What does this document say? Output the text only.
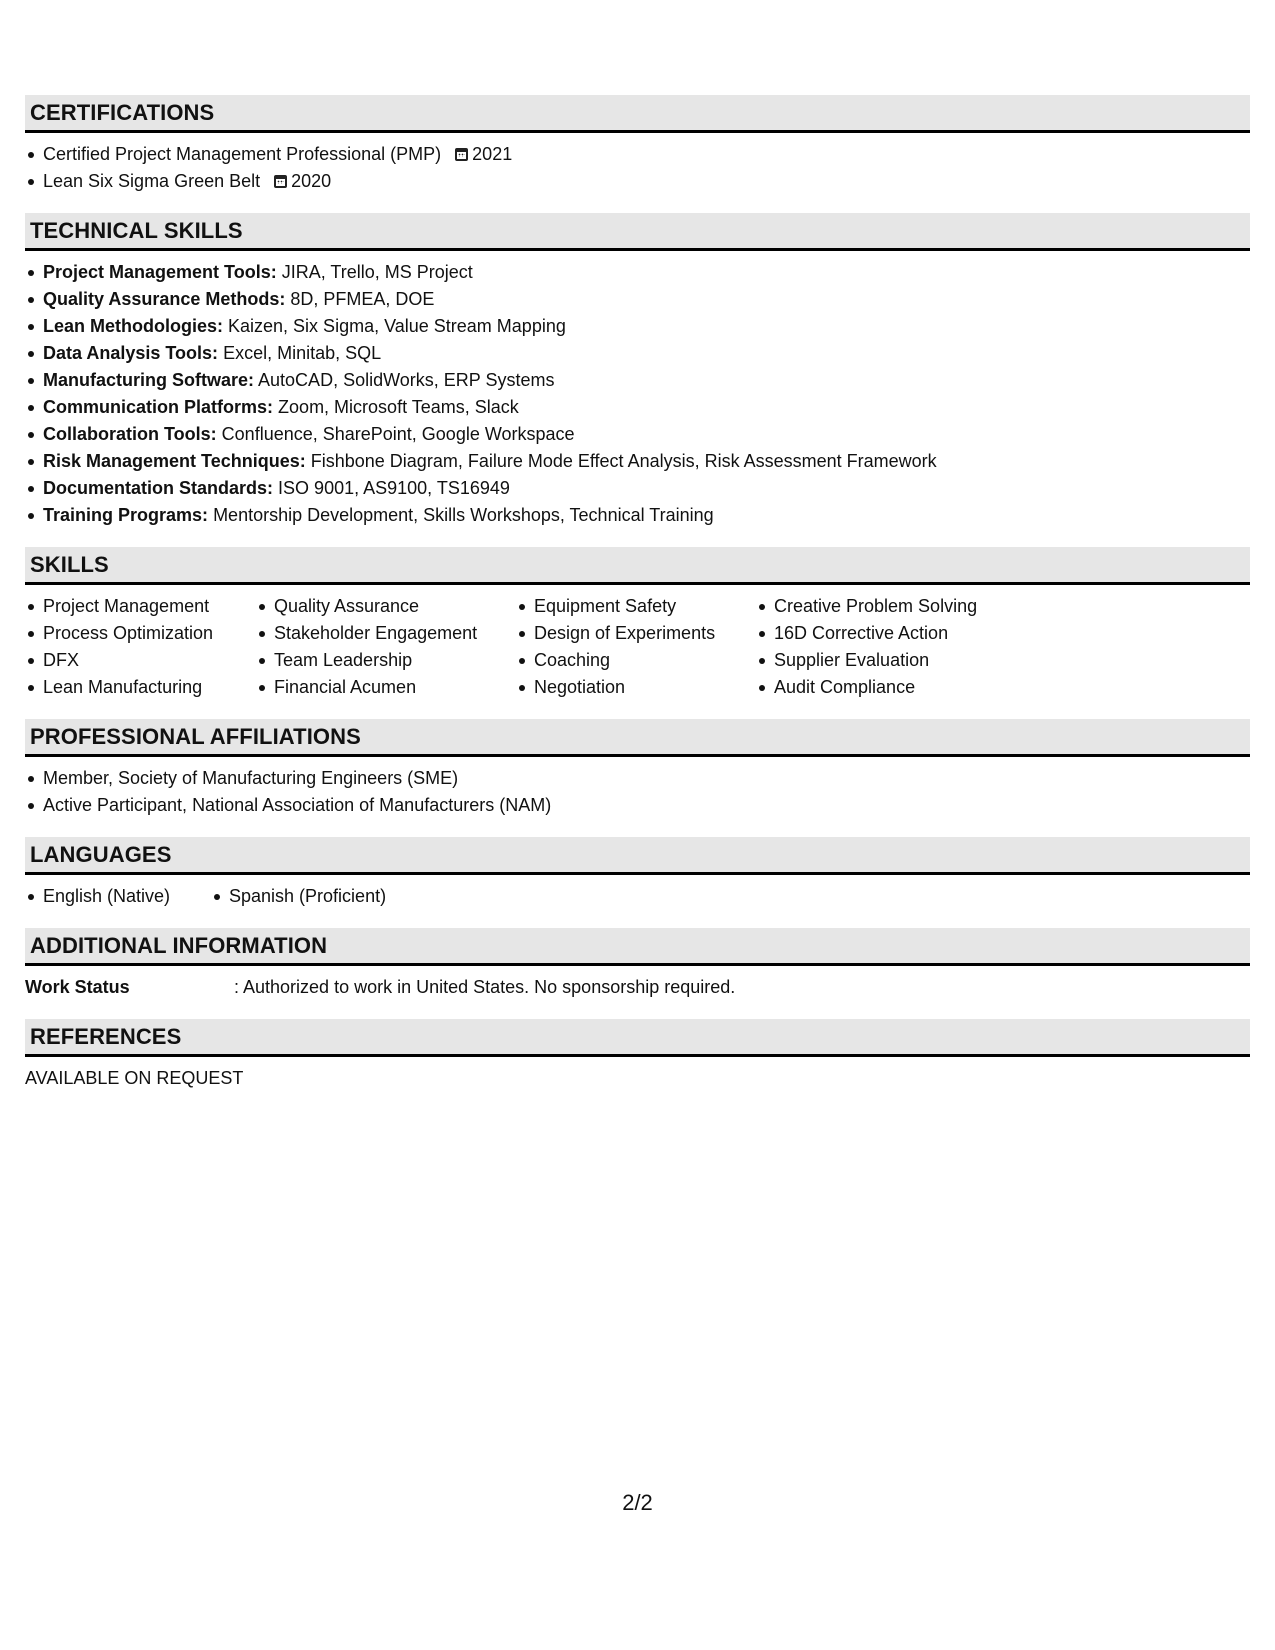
CERTIFICATIONS
Certified Project Management Professional (PMP) 2021
Lean Six Sigma Green Belt 2020
TECHNICAL SKILLS
Project Management Tools: JIRA, Trello, MS Project
Quality Assurance Methods: 8D, PFMEA, DOE
Lean Methodologies: Kaizen, Six Sigma, Value Stream Mapping
Data Analysis Tools: Excel, Minitab, SQL
Manufacturing Software: AutoCAD, SolidWorks, ERP Systems
Communication Platforms: Zoom, Microsoft Teams, Slack
Collaboration Tools: Confluence, SharePoint, Google Workspace
Risk Management Techniques: Fishbone Diagram, Failure Mode Effect Analysis, Risk Assessment Framework
Documentation Standards: ISO 9001, AS9100, TS16949
Training Programs: Mentorship Development, Skills Workshops, Technical Training
SKILLS
Project Management
Process Optimization
DFX
Lean Manufacturing
Quality Assurance
Stakeholder Engagement
Team Leadership
Financial Acumen
Equipment Safety
Design of Experiments
Coaching
Negotiation
Creative Problem Solving
16D Corrective Action
Supplier Evaluation
Audit Compliance
PROFESSIONAL AFFILIATIONS
Member, Society of Manufacturing Engineers (SME)
Active Participant, National Association of Manufacturers (NAM)
LANGUAGES
English (Native)	Spanish (Proficient)
ADDITIONAL INFORMATION
Work Status	: Authorized to work in United States. No sponsorship required.
REFERENCES
AVAILABLE ON REQUEST
2/2
